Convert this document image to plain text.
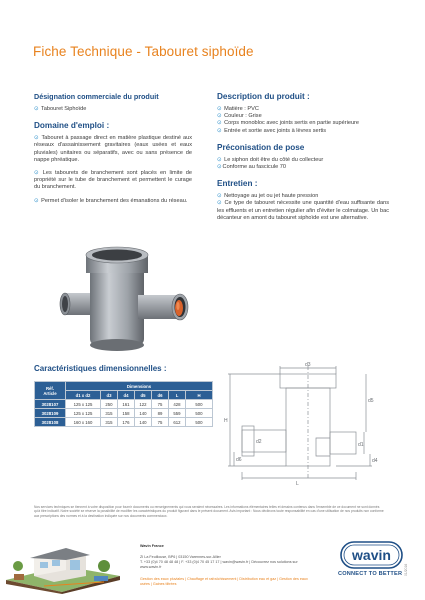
Fiche Technique - Tabouret siphoïde
Désignation commerciale du produit
⊙ Tabouret Siphoïde
Domaine d'emploi :
⊙ Tabouret à passage direct en matière plastique destiné aux réseaux d'assainissement gravitaires (eaux usées et eaux pluviales) unitaires ou séparatifs, avec ou sans présence de nappe phréatique.
⊙ Les tabourets de branchement sont placés en limite de propriété sur le tube de branchement et permettent le curage du branchement.
⊙ Permet d'isoler le branchement des émanations du réseau.
Description du produit :
⊙ Matière : PVC
⊙ Couleur : Grise
⊙ Corps monobloc avec joints sertis en partie supérieure
⊙ Entrée et sortie avec joints à lèvres sertis
Préconisation de pose
⊙ Le siphon doit être du côté du collecteur
⊙Conforme au fascicule 70
Entretien :
⊙ Nettoyage au jet ou jet haute pression
⊙ Ce type de tabouret nécessite une quantité d'eau suffisante dans les effluents et un entretien régulier afin d'éviter le colmatage. Un bac décanteur en amont du tabouret siphoïde est une alternative.
Caractéristiques dimensionnelles :
Réf.
Article	Dimensions						
	d1 x d2	d3	d4	d5	d6	L	H
3028107	125 x 125	250	161	122	75	428	500
3028109	125 x 125	315	158	140	89	559	500
3028108	160 x 160	315	176	140	75	612	500
d3
d5
d2	d1
d6	d4
H
L
Nos services techniques se tiennent à votre disposition pour fournir documents ou renseignements qui vous seraient nécessaires. Les informations élémentaires telles et dessins contenus dans l'ensemble de ce document ne sont donnés qu'à titre indicatif. Notre société se réserve la possibilité de modifier les caractéristiques du produit figurant dans le présent document. Avis important : Nous déclinons toute responsabilité en cas d'une utilisation de nos produits non conforme aux prescriptions des normes et à la destination indiquée sur nos documents commerciaux.
Wavin France
ZI La Feuillouse, BP6 | 03150 Varennes-sur-Allier
T. +33 (0)4 70 48 48 48 | F. +33 (0)4 70 45 17 17 | wavin@wavin.fr | Découvrez nos solutions sur www.wavin.fr
Gestion des eaux pluviales | Chauffage et rafraîchissement | Distribution eau et gaz | Gestion des eaux usées | Gaines tiltrées
wavin
CONNECT TO BETTER 01/2016
